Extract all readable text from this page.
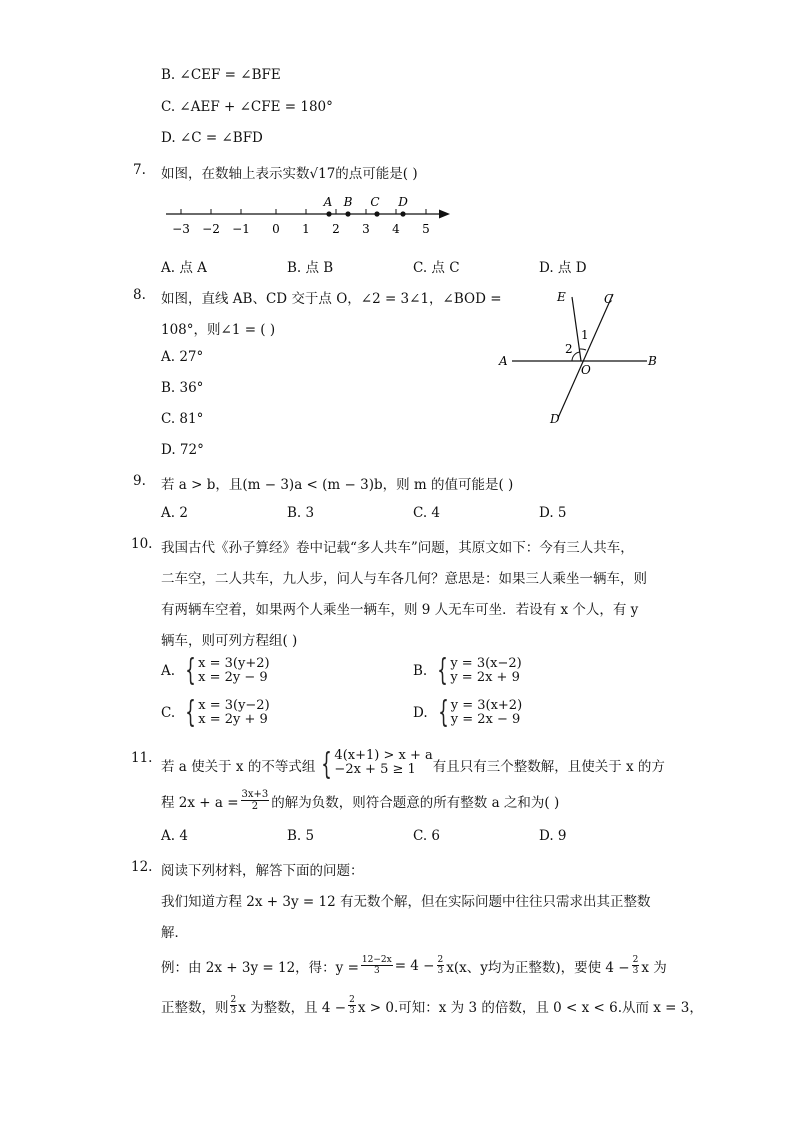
B. ∠CEF = ∠BFE
C. ∠AEF + ∠CFE = 180°
D. ∠C = ∠BFD
7. 如图，在数轴上表示实数√17的点可能是( )
−3 −2 −1 0 1 2 3 4 5
A B C D
A. 点 A	B. 点 B	C. 点 C	D. 点 D
8. 如图，直线 AB、CD 交于点 O，∠2 = 3∠1，∠BOD =
108°，则∠1 = ( )
A. 27°
B. 36°
C. 81°
D. 72°
E	C
A	B
O
D
1
2
9. 若 a > b，且(m − 3)a < (m − 3)b，则 m 的值可能是( )
A. 2	B. 3	C. 4	D. 5
10. 我国古代《孙子算经》卷中记载“多人共车”问题，其原文如下：今有三人共车，
二车空，二人共车，九人步，问人与车各几何？意思是：如果三人乘坐一辆车，则
有两辆车空着，如果两个人乘坐一辆车，则 9 人无车可坐．若设有 x 个人，有 y
辆车，则可列方程组( )
A. { x = 3(y+2)
x = 2y − 9	B. { y = 3(x−2)
y = 2x + 9
C. { x = 3(y−2)
x = 2y + 9	D. { y = 3(x+2)
y = 2x − 9
11.
若 a 使关于 x 的不等式组 { 4(x+1) > x + a
−2x + 5 ≥ 1	有且只有三个整数解，且使关于 x 的方
程 $2x + a = \frac{3x+3}{2}$ 的解为负数，则符合题意的所有整数 a 之和为( )
A. 4	B. 5	C. 6	D. 9
12. 阅读下列材料，解答下面的问题：
我们知道方程 2x + 3y = 12 有无数个解，但在实际问题中往往只需求出其正整数
解．
例：由 2x + 3y = 12，得：$y = \frac{12-2x}{3} = 4 - \frac{2}{3} x(x$、y均为正整数)，要使 $4 - \frac{2}{3}$ x 为
正整数，则 $\frac{2}{3}$ x 为整数，且 $4 - \frac{2}{3}$ x > 0.可知：x 为 3 的倍数，且 0 < x < 6.从而 x = 3，
